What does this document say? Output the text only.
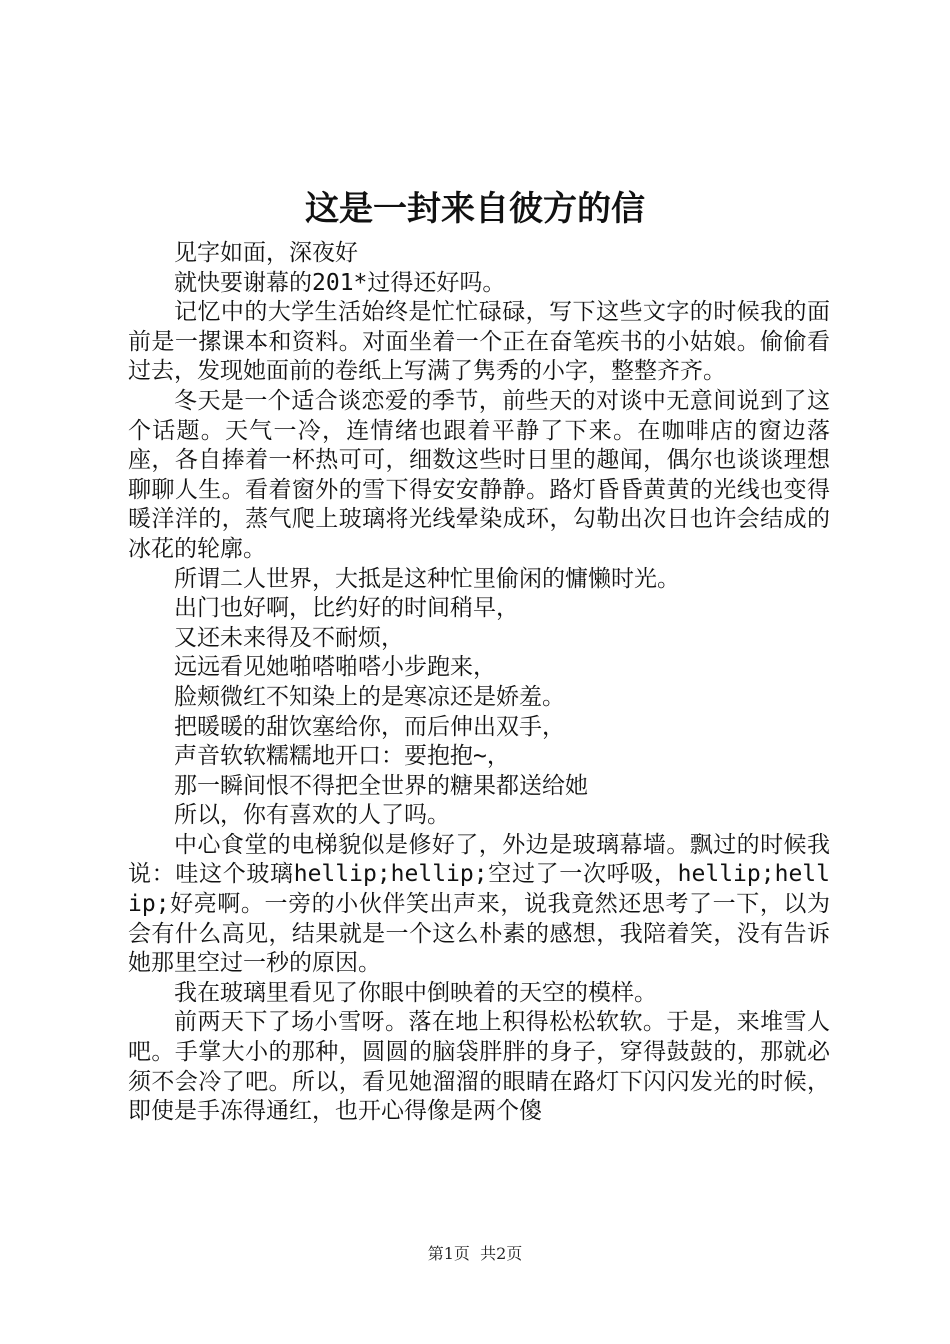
这是一封来自彼方的信

见字如面，深夜好

就快要谢幕的201*过得还好吗。

记忆中的大学生活始终是忙忙碌碌，写下这些文字的时候我的面前是一摞课本和资料。对面坐着一个正在奋笔疾书的小姑娘。偷偷看过去，发现她面前的卷纸上写满了隽秀的小字，整整齐齐。

冬天是一个适合谈恋爱的季节，前些天的对谈中无意间说到了这个话题。天气一冷，连情绪也跟着平静了下来。在咖啡店的窗边落座，各自捧着一杯热可可，细数这些时日里的趣闻，偶尔也谈谈理想聊聊人生。看着窗外的雪下得安安静静。路灯昏昏黄黄的光线也变得暖洋洋的，蒸气爬上玻璃将光线晕染成环，勾勒出次日也许会结成的冰花的轮廓。

所谓二人世界，大抵是这种忙里偷闲的慵懒时光。

出门也好啊，比约好的时间稍早，

又还未来得及不耐烦，

远远看见她啪嗒啪嗒小步跑来，

脸颊微红不知染上的是寒凉还是娇羞。

把暖暖的甜饮塞给你，而后伸出双手，

声音软软糯糯地开口：要抱抱~，

那一瞬间恨不得把全世界的糖果都送给她

所以，你有喜欢的人了吗。

中心食堂的电梯貌似是修好了，外边是玻璃幕墙。飘过的时候我说：哇这个玻璃hellip;hellip;空过了一次呼吸，hellip;hellip;好亮啊。一旁的小伙伴笑出声来，说我竟然还思考了一下，以为会有什么高见，结果就是一个这么朴素的感想，我陪着笑，没有告诉她那里空过一秒的原因。

我在玻璃里看见了你眼中倒映着的天空的模样。

前两天下了场小雪呀。落在地上积得松松软软。于是，来堆雪人吧。手掌大小的那种，圆圆的脑袋胖胖的身子，穿得鼓鼓的，那就必须不会冷了吧。所以，看见她溜溜的眼睛在路灯下闪闪发光的时候，即使是手冻得通红，也开心得像是两个傻

第1页 共2页
